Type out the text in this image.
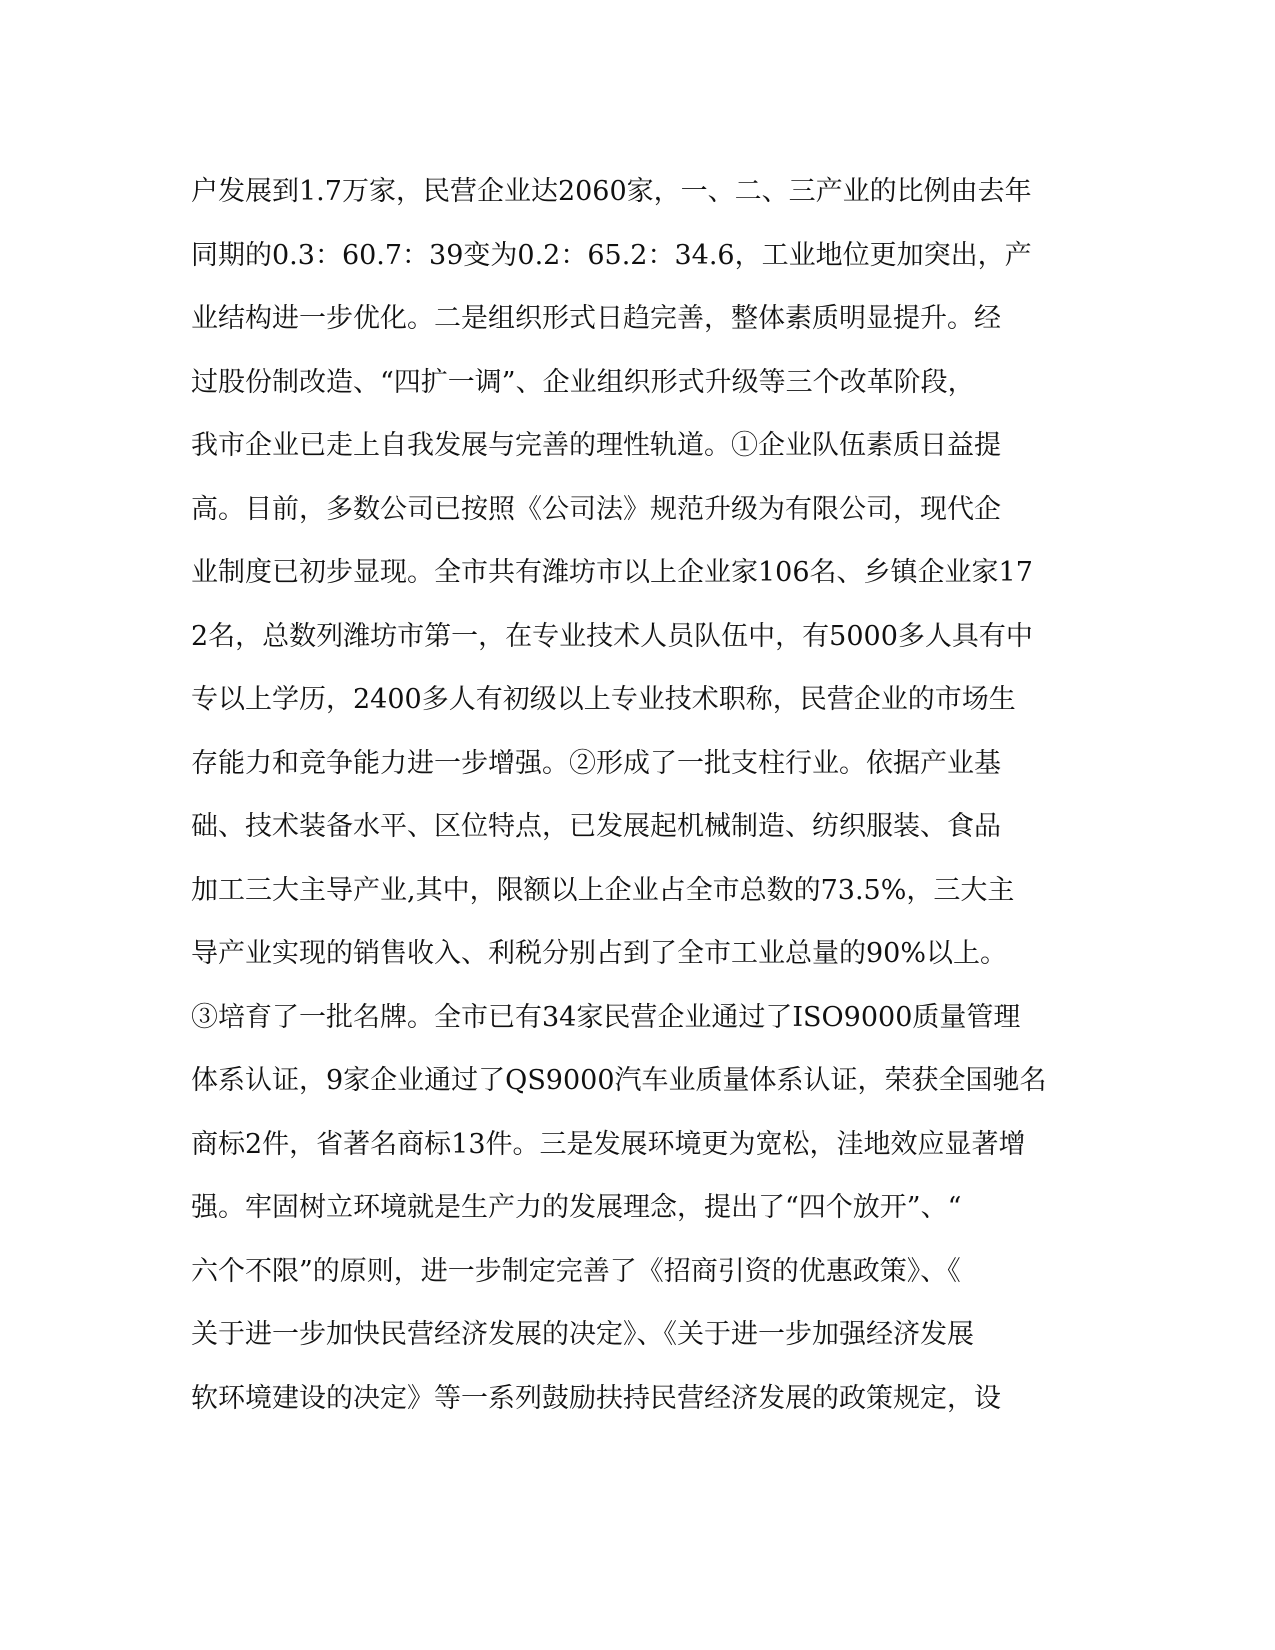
户发展到1.7万家，民营企业达2060家，一、二、三产业的比例由去年
同期的0.3：60.7：39变为0.2：65.2：34.6，工业地位更加突出，产
业结构进一步优化。二是组织形式日趋完善，整体素质明显提升。经
过股份制改造、“四扩一调”、企业组织形式升级等三个改革阶段，
我市企业已走上自我发展与完善的理性轨道。①企业队伍素质日益提
高。目前，多数公司已按照《公司法》规范升级为有限公司，现代企
业制度已初步显现。全市共有潍坊市以上企业家106名、乡镇企业家17
2名，总数列潍坊市第一，在专业技术人员队伍中，有5000多人具有中
专以上学历，2400多人有初级以上专业技术职称，民营企业的市场生
存能力和竞争能力进一步增强。②形成了一批支柱行业。依据产业基
础、技术装备水平、区位特点，已发展起机械制造、纺织服装、食品
加工三大主导产业,其中，限额以上企业占全市总数的73.5%，三大主
导产业实现的销售收入、利税分别占到了全市工业总量的90%以上。
③培育了一批名牌。全市已有34家民营企业通过了ISO9000质量管理
体系认证，9家企业通过了QS9000汽车业质量体系认证，荣获全国驰名
商标2件，省著名商标13件。三是发展环境更为宽松，洼地效应显著增
强。牢固树立环境就是生产力的发展理念，提出了“四个放开”、“
六个不限”的原则，进一步制定完善了《招商引资的优惠政策》、《
关于进一步加快民营经济发展的决定》、《关于进一步加强经济发展
软环境建设的决定》等一系列鼓励扶持民营经济发展的政策规定，设
